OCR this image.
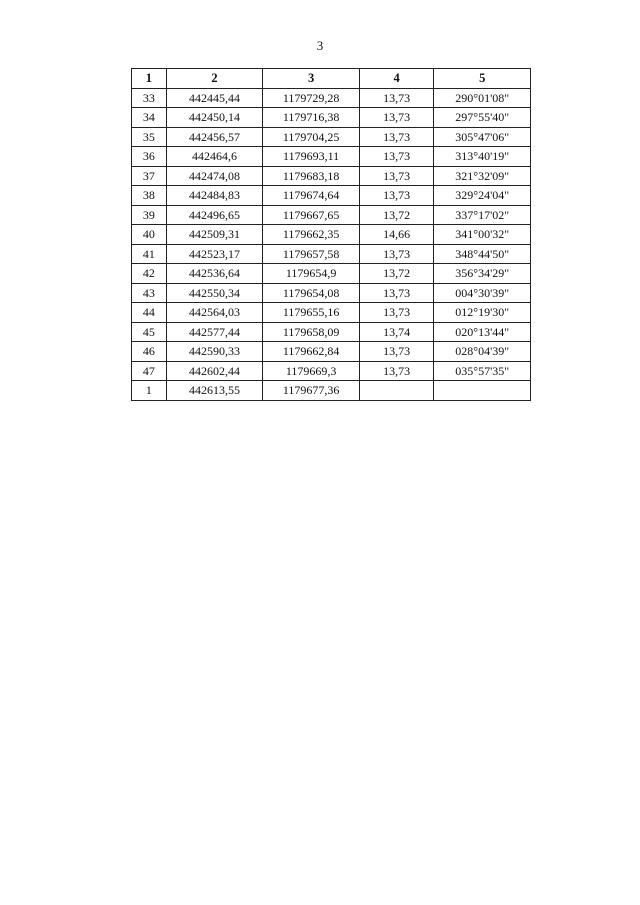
3
1	2	3	4	5
33	442445,44	1179729,28	13,73	290°01'08"
34	442450,14	1179716,38	13,73	297°55'40"
35	442456,57	1179704,25	13,73	305°47'06"
36	442464,6	1179693,11	13,73	313°40'19"
37	442474,08	1179683,18	13,73	321°32'09"
38	442484,83	1179674,64	13,73	329°24'04"
39	442496,65	1179667,65	13,72	337°17'02"
40	442509,31	1179662,35	14,66	341°00'32"
41	442523,17	1179657,58	13,73	348°44'50"
42	442536,64	1179654,9	13,72	356°34'29"
43	442550,34	1179654,08	13,73	004°30'39"
44	442564,03	1179655,16	13,73	012°19'30"
45	442577,44	1179658,09	13,74	020°13'44"
46	442590,33	1179662,84	13,73	028°04'39"
47	442602,44	1179669,3	13,73	035°57'35"
1	442613,55	1179677,36		
